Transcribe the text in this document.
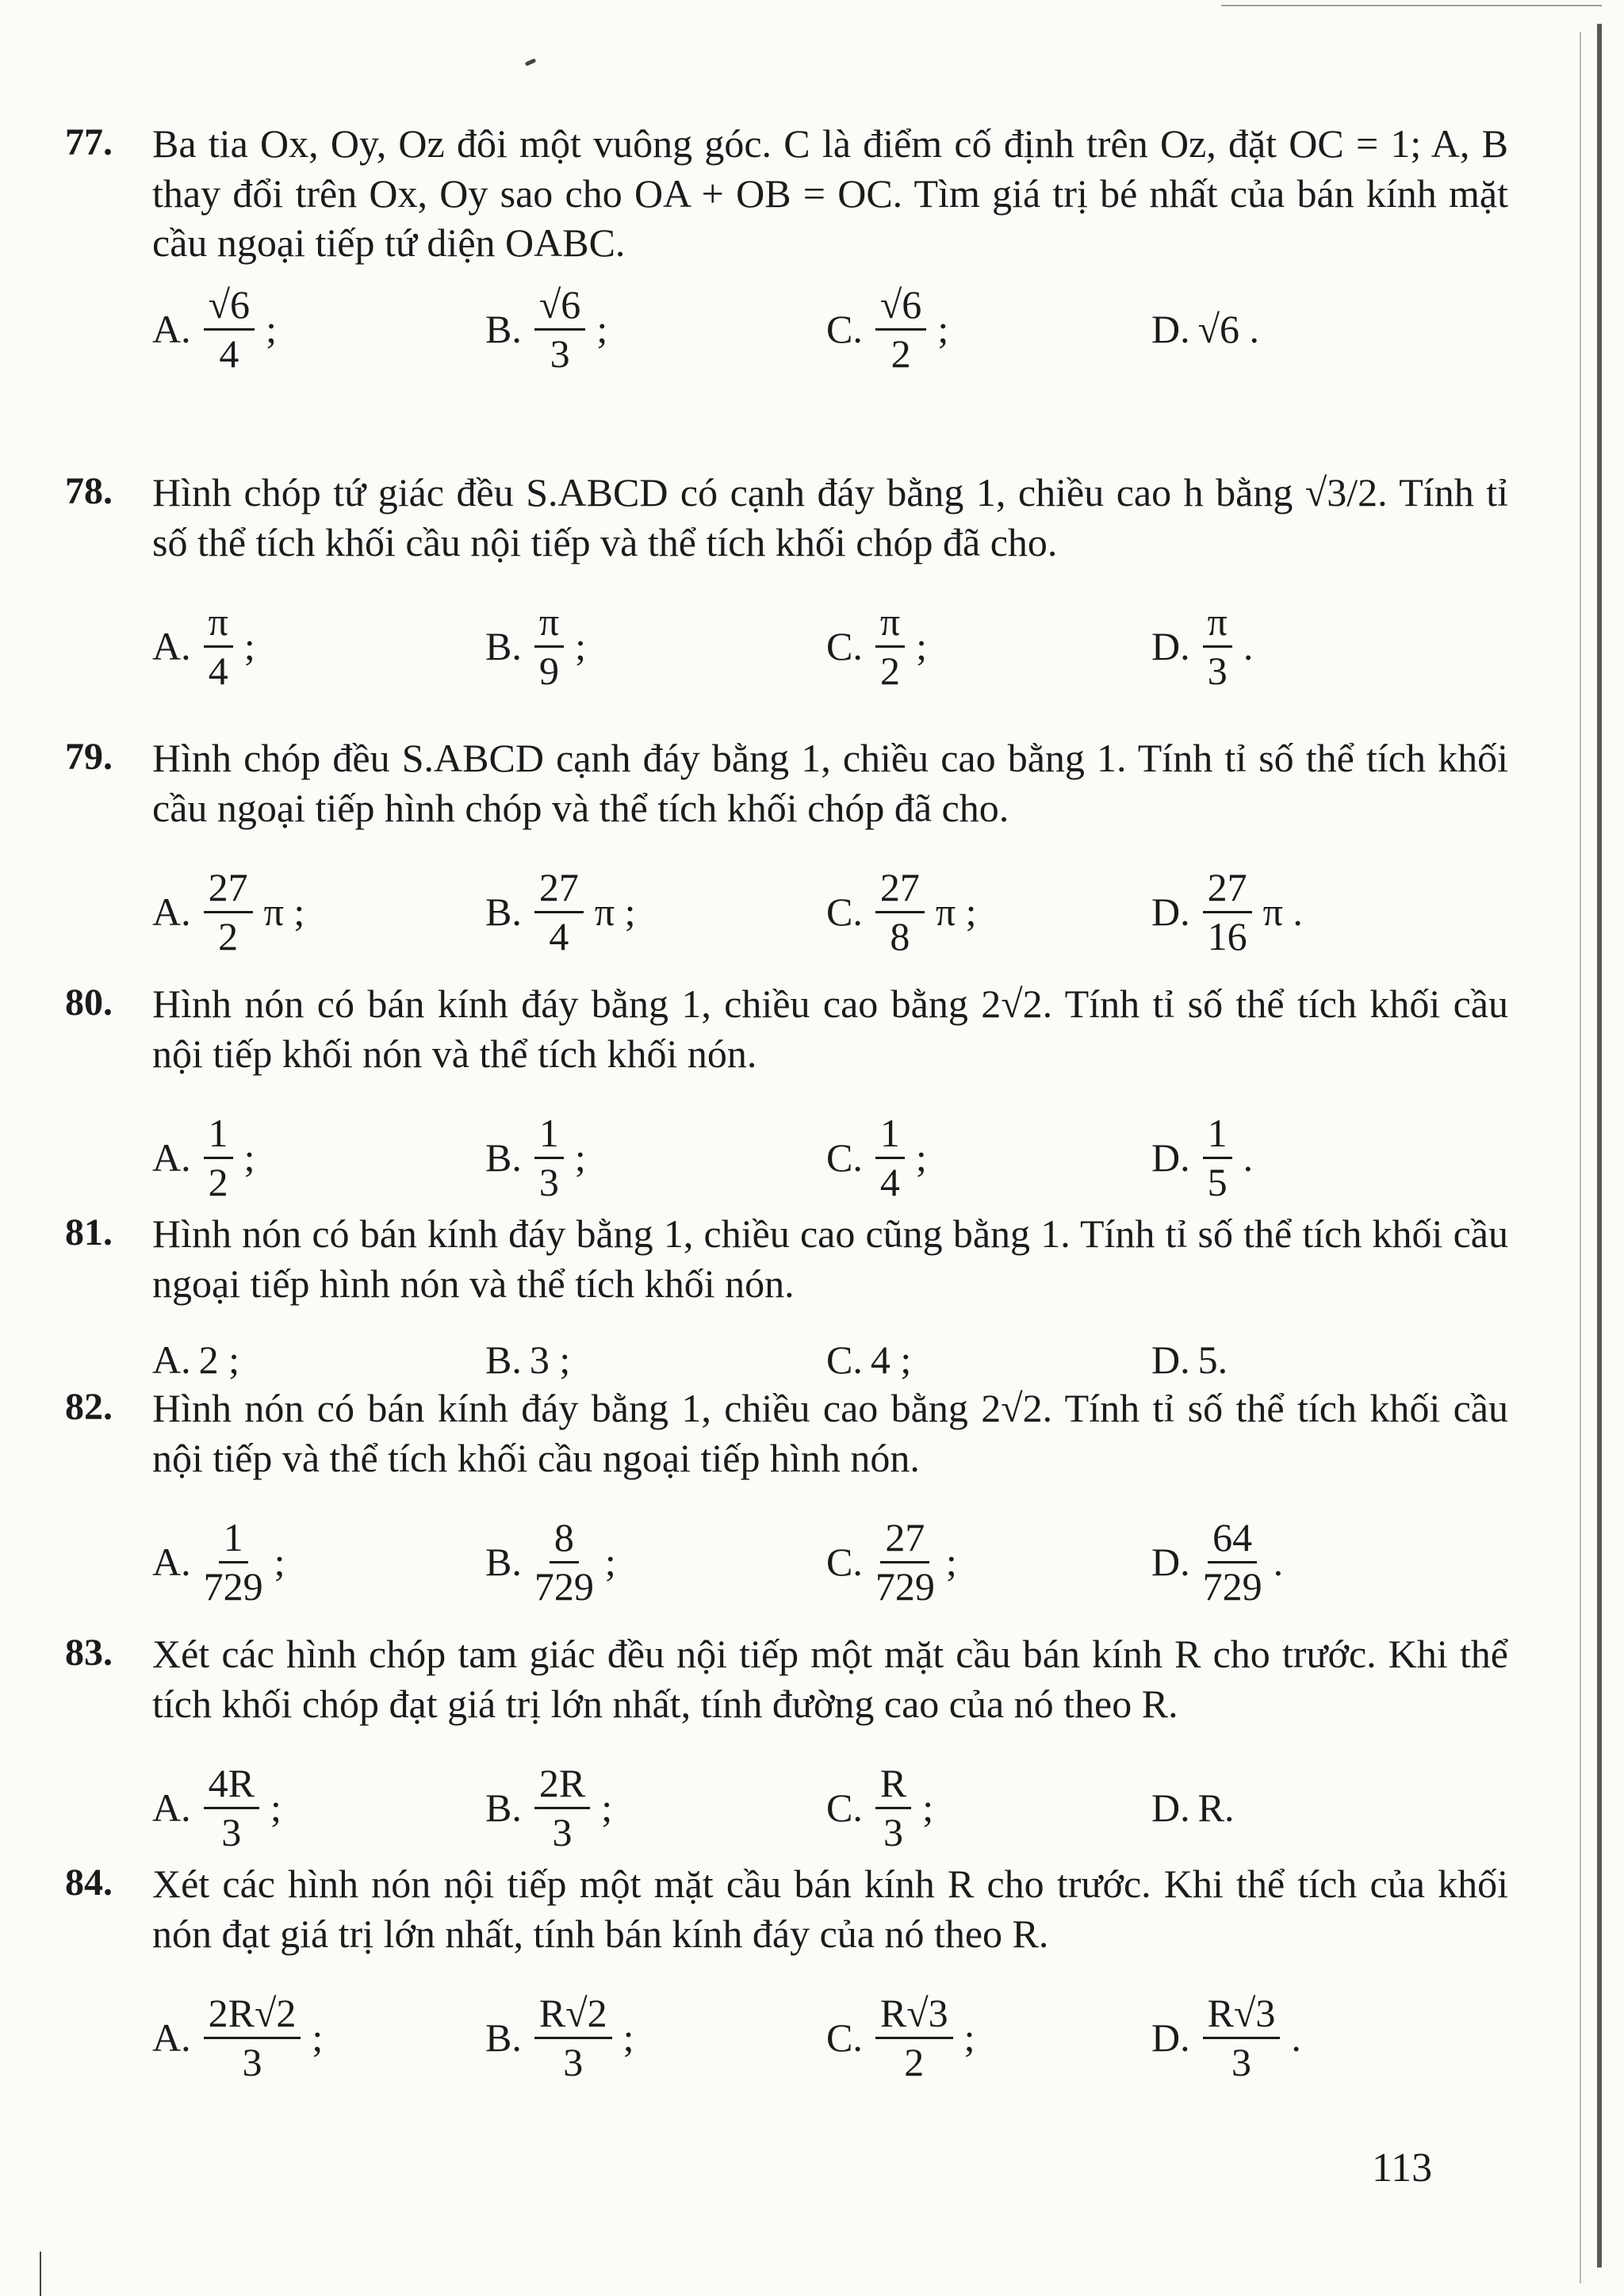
77. Ba tia Ox, Oy, Oz đôi một vuông góc. C là điểm cố định trên Oz, đặt OC = 1; A, B thay đổi trên Ox, Oy sao cho OA + OB = OC. Tìm giá trị bé nhất của bán kính mặt cầu ngoại tiếp tứ diện OABC.
A. $\frac{√6}{4}$ ;	B. $\frac{√6}{3}$ ;	C. $\frac{√6}{2}$ ;	D. √6 .
78. Hình chóp tứ giác đều S.ABCD có cạnh đáy bằng 1, chiều cao h bằng √3/2. Tính tỉ số thể tích khối cầu nội tiếp và thể tích khối chóp đã cho.
A. $\frac{\pi}{4}$ ;	B. $\frac{\pi}{9}$ ;	C. $\frac{\pi}{2}$ ;	D. $\frac{\pi}{3}$ .
79. Hình chóp đều S.ABCD cạnh đáy bằng 1, chiều cao bằng 1. Tính tỉ số thể tích khối cầu ngoại tiếp hình chóp và thể tích khối chóp đã cho.
A. $\frac{27}{2}$ π ;	B. $\frac{27}{4}$ π ;	C. $\frac{27}{8}$ π ;	D. $\frac{27}{16}$ π .
80. Hình nón có bán kính đáy bằng 1, chiều cao bằng 2√2. Tính tỉ số thể tích khối cầu nội tiếp khối nón và thể tích khối nón.
A. $\frac{1}{2}$ ;	B. $\frac{1}{3}$ ;	C. $\frac{1}{4}$ ;	D. $\frac{1}{5}$ .
81. Hình nón có bán kính đáy bằng 1, chiều cao cũng bằng 1. Tính tỉ số thể tích khối cầu ngoại tiếp hình nón và thể tích khối nón.
A. 2 ;	B. 3 ;	C. 4 ;	D. 5.
82. Hình nón có bán kính đáy bằng 1, chiều cao bằng 2√2. Tính tỉ số thể tích khối cầu nội tiếp và thể tích khối cầu ngoại tiếp hình nón.
A. $\frac{1}{729}$ ;	B. $\frac{8}{729}$ ;	C. $\frac{27}{729}$ ;	D. $\frac{64}{729}$ .
83. Xét các hình chóp tam giác đều nội tiếp một mặt cầu bán kính R cho trước. Khi thể tích khối chóp đạt giá trị lớn nhất, tính đường cao của nó theo R.
A. $\frac{4R}{3}$ ;	B. $\frac{2R}{3}$ ;	C. $\frac{R}{3}$ ;	D. R.
84. Xét các hình nón nội tiếp một mặt cầu bán kính R cho trước. Khi thể tích của khối nón đạt giá trị lớn nhất, tính bán kính đáy của nó theo R.
A. $\frac{2R√2}{3}$ ;	B. $\frac{R√2}{3}$ ;	C. $\frac{R√3}{2}$ ;	D. $\frac{R√3}{3}$ .
113
